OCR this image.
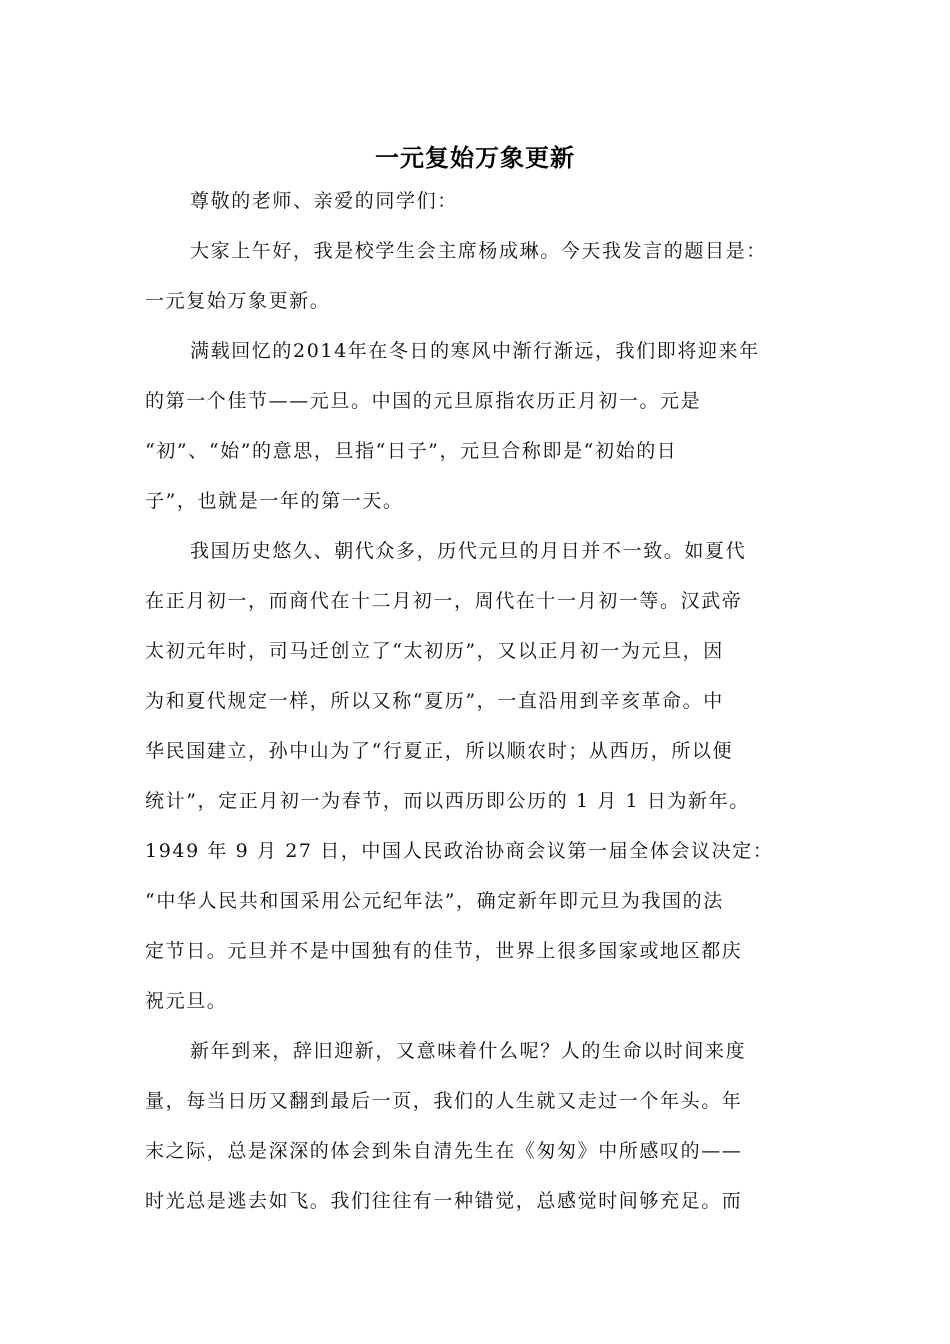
一元复始万象更新
尊敬的老师、亲爱的同学们：
大家上午好，我是校学生会主席杨成琳。今天我发言的题目是：
一元复始万象更新。
满载回忆的2014年在冬日的寒风中渐行渐远，我们即将迎来年
的第一个佳节——元旦。中国的元旦原指农历正月初一。元是
“初”、“始”的意思，旦指“日子”，元旦合称即是“初始的日
子”，也就是一年的第一天。
我国历史悠久、朝代众多，历代元旦的月日并不一致。如夏代
在正月初一，而商代在十二月初一，周代在十一月初一等。汉武帝
太初元年时，司马迁创立了“太初历”，又以正月初一为元旦，因
为和夏代规定一样，所以又称“夏历”，一直沿用到辛亥革命。中
华民国建立，孙中山为了“行夏正，所以顺农时；从西历，所以便
统计”，定正月初一为春节，而以西历即公历的 1 月 1 日为新年。
1949 年 9 月 27 日，中国人民政治协商会议第一届全体会议决定：
“中华人民共和国采用公元纪年法”，确定新年即元旦为我国的法
定节日。元旦并不是中国独有的佳节，世界上很多国家或地区都庆
祝元旦。
新年到来，辞旧迎新，又意味着什么呢？人的生命以时间来度
量，每当日历又翻到最后一页，我们的人生就又走过一个年头。年
末之际，总是深深的体会到朱自清先生在《匆匆》中所感叹的——
时光总是逃去如飞。我们往往有一种错觉，总感觉时间够充足。而
